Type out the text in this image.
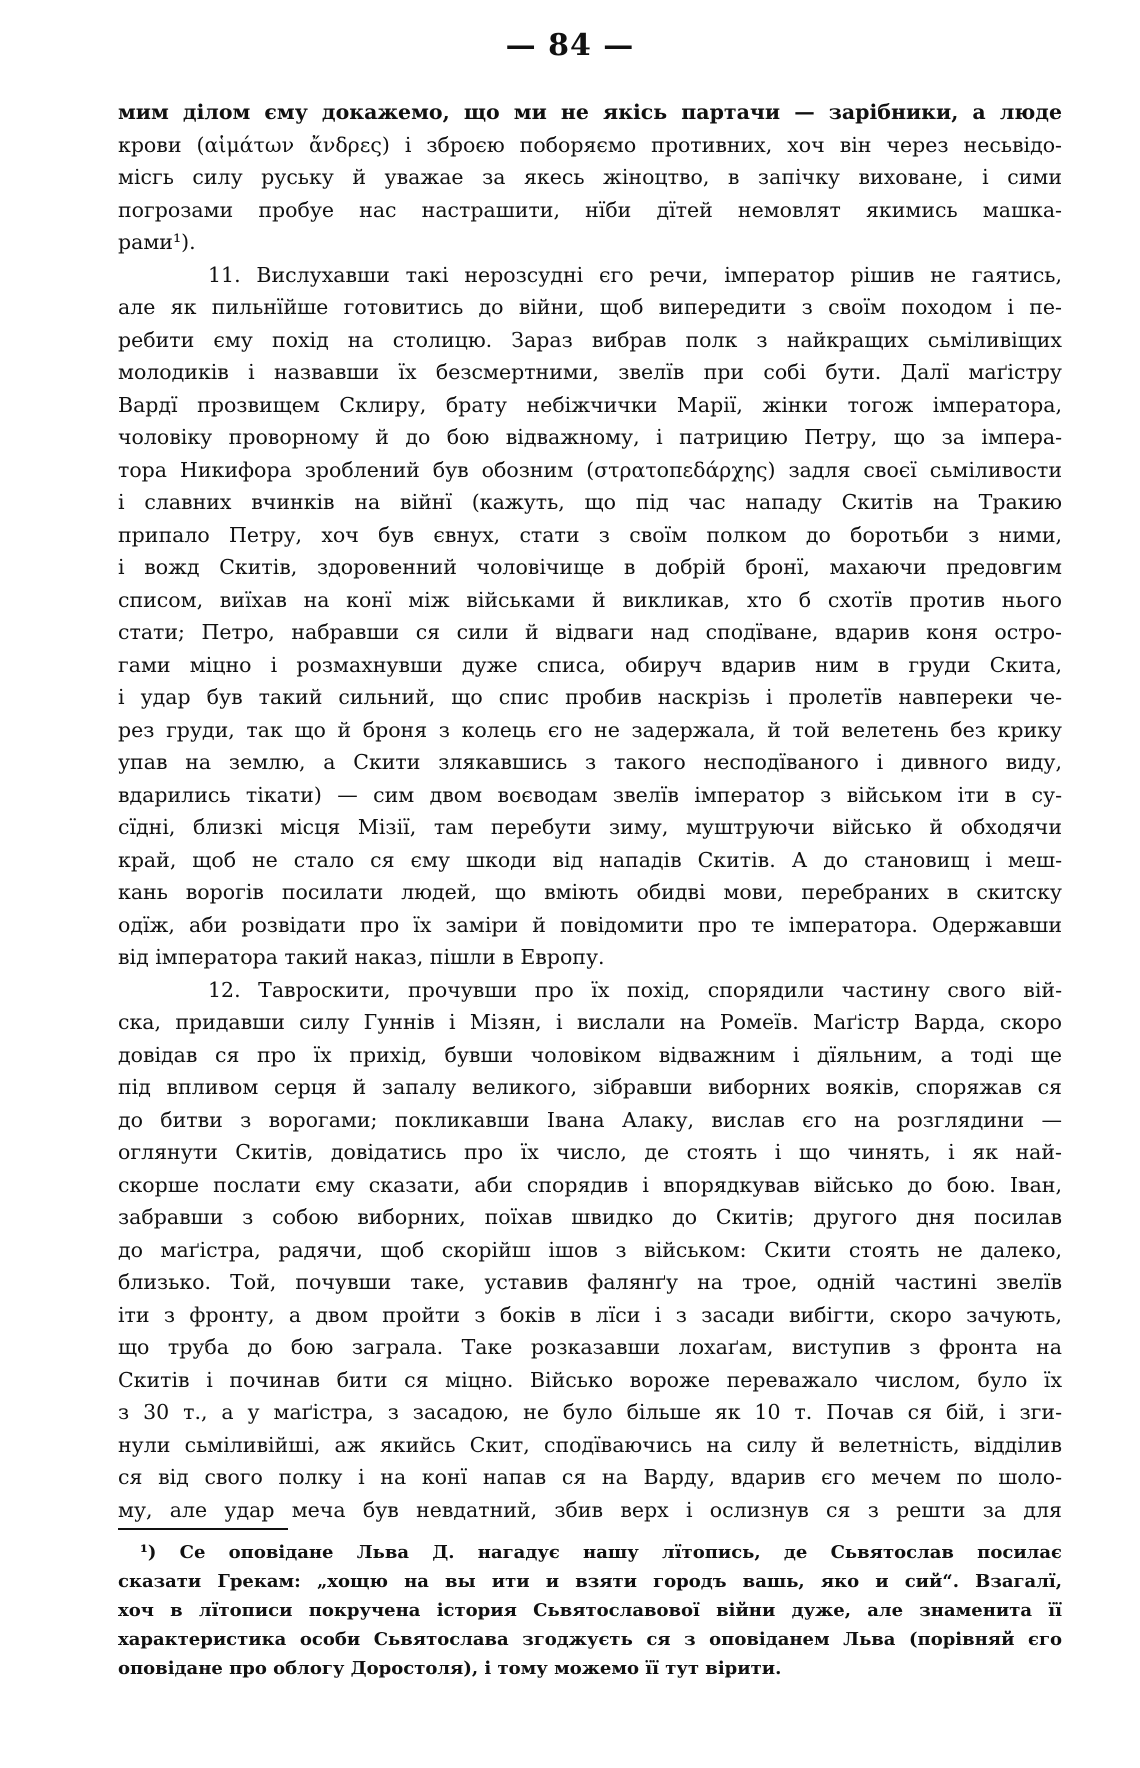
— 84 —
мим ділом єму докажемо, що ми не якісь партачи — зарібники, а люде
крови (αἱμάτων ἄνδρες) і зброєю поборяємо противних, хоч він через несьвідо-
місгь силу руську й уважае за якесь жіноцтво, в запічку виховане, і сими
погрозами пробуе нас настрашити, нїби дїтей немовлят якимись машка-
рами¹).
11. Вислухавши такі нерозсудні єго речи, імператор рішив не гаятись,
але як пильнїйше готовитись до війни, щоб випередити з своїм походом і пе-
ребити єму похід на столицю. Зараз вибрав полк з найкращих сьміливіщих
молодиків і назвавши їх безсмертними, звелїв при собі бути. Далї маґістру
Вардї прозвищем Склиру, брату небіжчички Марії, жінки тогож імператора,
чоловіку проворному й до бою відважному, і патрицию Петру, що за імпера-
тора Никифора зроблений був обозним (στρατοπεδάρχης) задля своєї сьміливости
і славних вчинків на війнї (кажуть, що під час нападу Скитів на Тракию
припало Петру, хоч був євнух, стати з своїм полком до боротьби з ними,
і вожд Скитів, здоровенний чоловічище в добрій бронї, махаючи предовгим
списом, виїхав на конї між військами й викликав, хто б схотїв против нього
стати; Петро, набравши ся сили й відваги над сподїване, вдарив коня остро-
гами міцно і розмахнувши дуже списа, обируч вдарив ним в груди Скита,
і удар був такий сильний, що спис пробив наскрізь і пролетїв навпереки че-
рез груди, так що й броня з колець єго не задержала, й той велетень без крику
упав на землю, а Скити злякавшись з такого несподїваного і дивного виду,
вдарились тікати) — сим двом воєводам звелїв імператор з військом іти в су-
сїдні, близкі місця Мізії, там перебути зиму, муштруючи військо й обходячи
край, щоб не стало ся єму шкоди від нападів Скитів. А до становищ і меш-
кань ворогів посилати людей, що вміють обидві мови, перебраних в скитску
одїж, аби розвідати про їх заміри й повідомити про те імператора. Одержавши
від імператора такий наказ, пішли в Европу.
12. Тавроскити, прочувши про їх похід, спорядили частину свого вій-
ска, придавши силу Гуннів і Мізян, і вислали на Ромеїв. Маґістр Варда, скоро
довідав ся про їх прихід, бувши чоловіком відважним і дїяльним, а тоді ще
під впливом серця й запалу великого, зібравши виборних вояків, споряжав ся
до битви з ворогами; покликавши Івана Алаку, вислав єго на розглядини —
оглянути Скитів, довідатись про їх число, де стоять і що чинять, і як най-
скорше послати єму сказати, аби спорядив і впорядкував військо до бою. Іван,
забравши з собою виборних, поїхав швидко до Скитів; другого дня посилав
до маґістра, радячи, щоб скорійш ішов з військом: Скити стоять не далеко,
близько. Той, почувши таке, уставив фалянґу на трое, одній частині звелїв
іти з фронту, а двом пройти з боків в лїси і з засади вибігти, скоро зачують,
що труба до бою заграла. Таке розказавши лохаґам, виступив з фронта на
Скитів і починав бити ся міцно. Військо вороже переважало числом, було їх
з 30 т., а у маґістра, з засадою, не було більше як 10 т. Почав ся бій, і зги-
нули сьміливійші, аж якийсь Скит, сподїваючись на силу й велетність, відділив
ся від свого полку і на конї напав ся на Варду, вдарив єго мечем по шоло-
му, але удар меча був невдатний, збив верх і ослизнув ся з решти за для
¹) Се оповідане Льва Д. нагадує нашу лїтопись, де Сьвятослав посилає
сказати Грекам: „хощю на вы ити и взяти городъ вашь, яко и сий“. Взагалї,
хоч в лїтописи покручена істория Сьвятославової війни дуже, але знаменита її
характеристика особи Сьвятослава згоджуєть ся з оповіданем Льва (порівняй єго
оповідане про облогу Доростоля), і тому можемо її тут вірити.
